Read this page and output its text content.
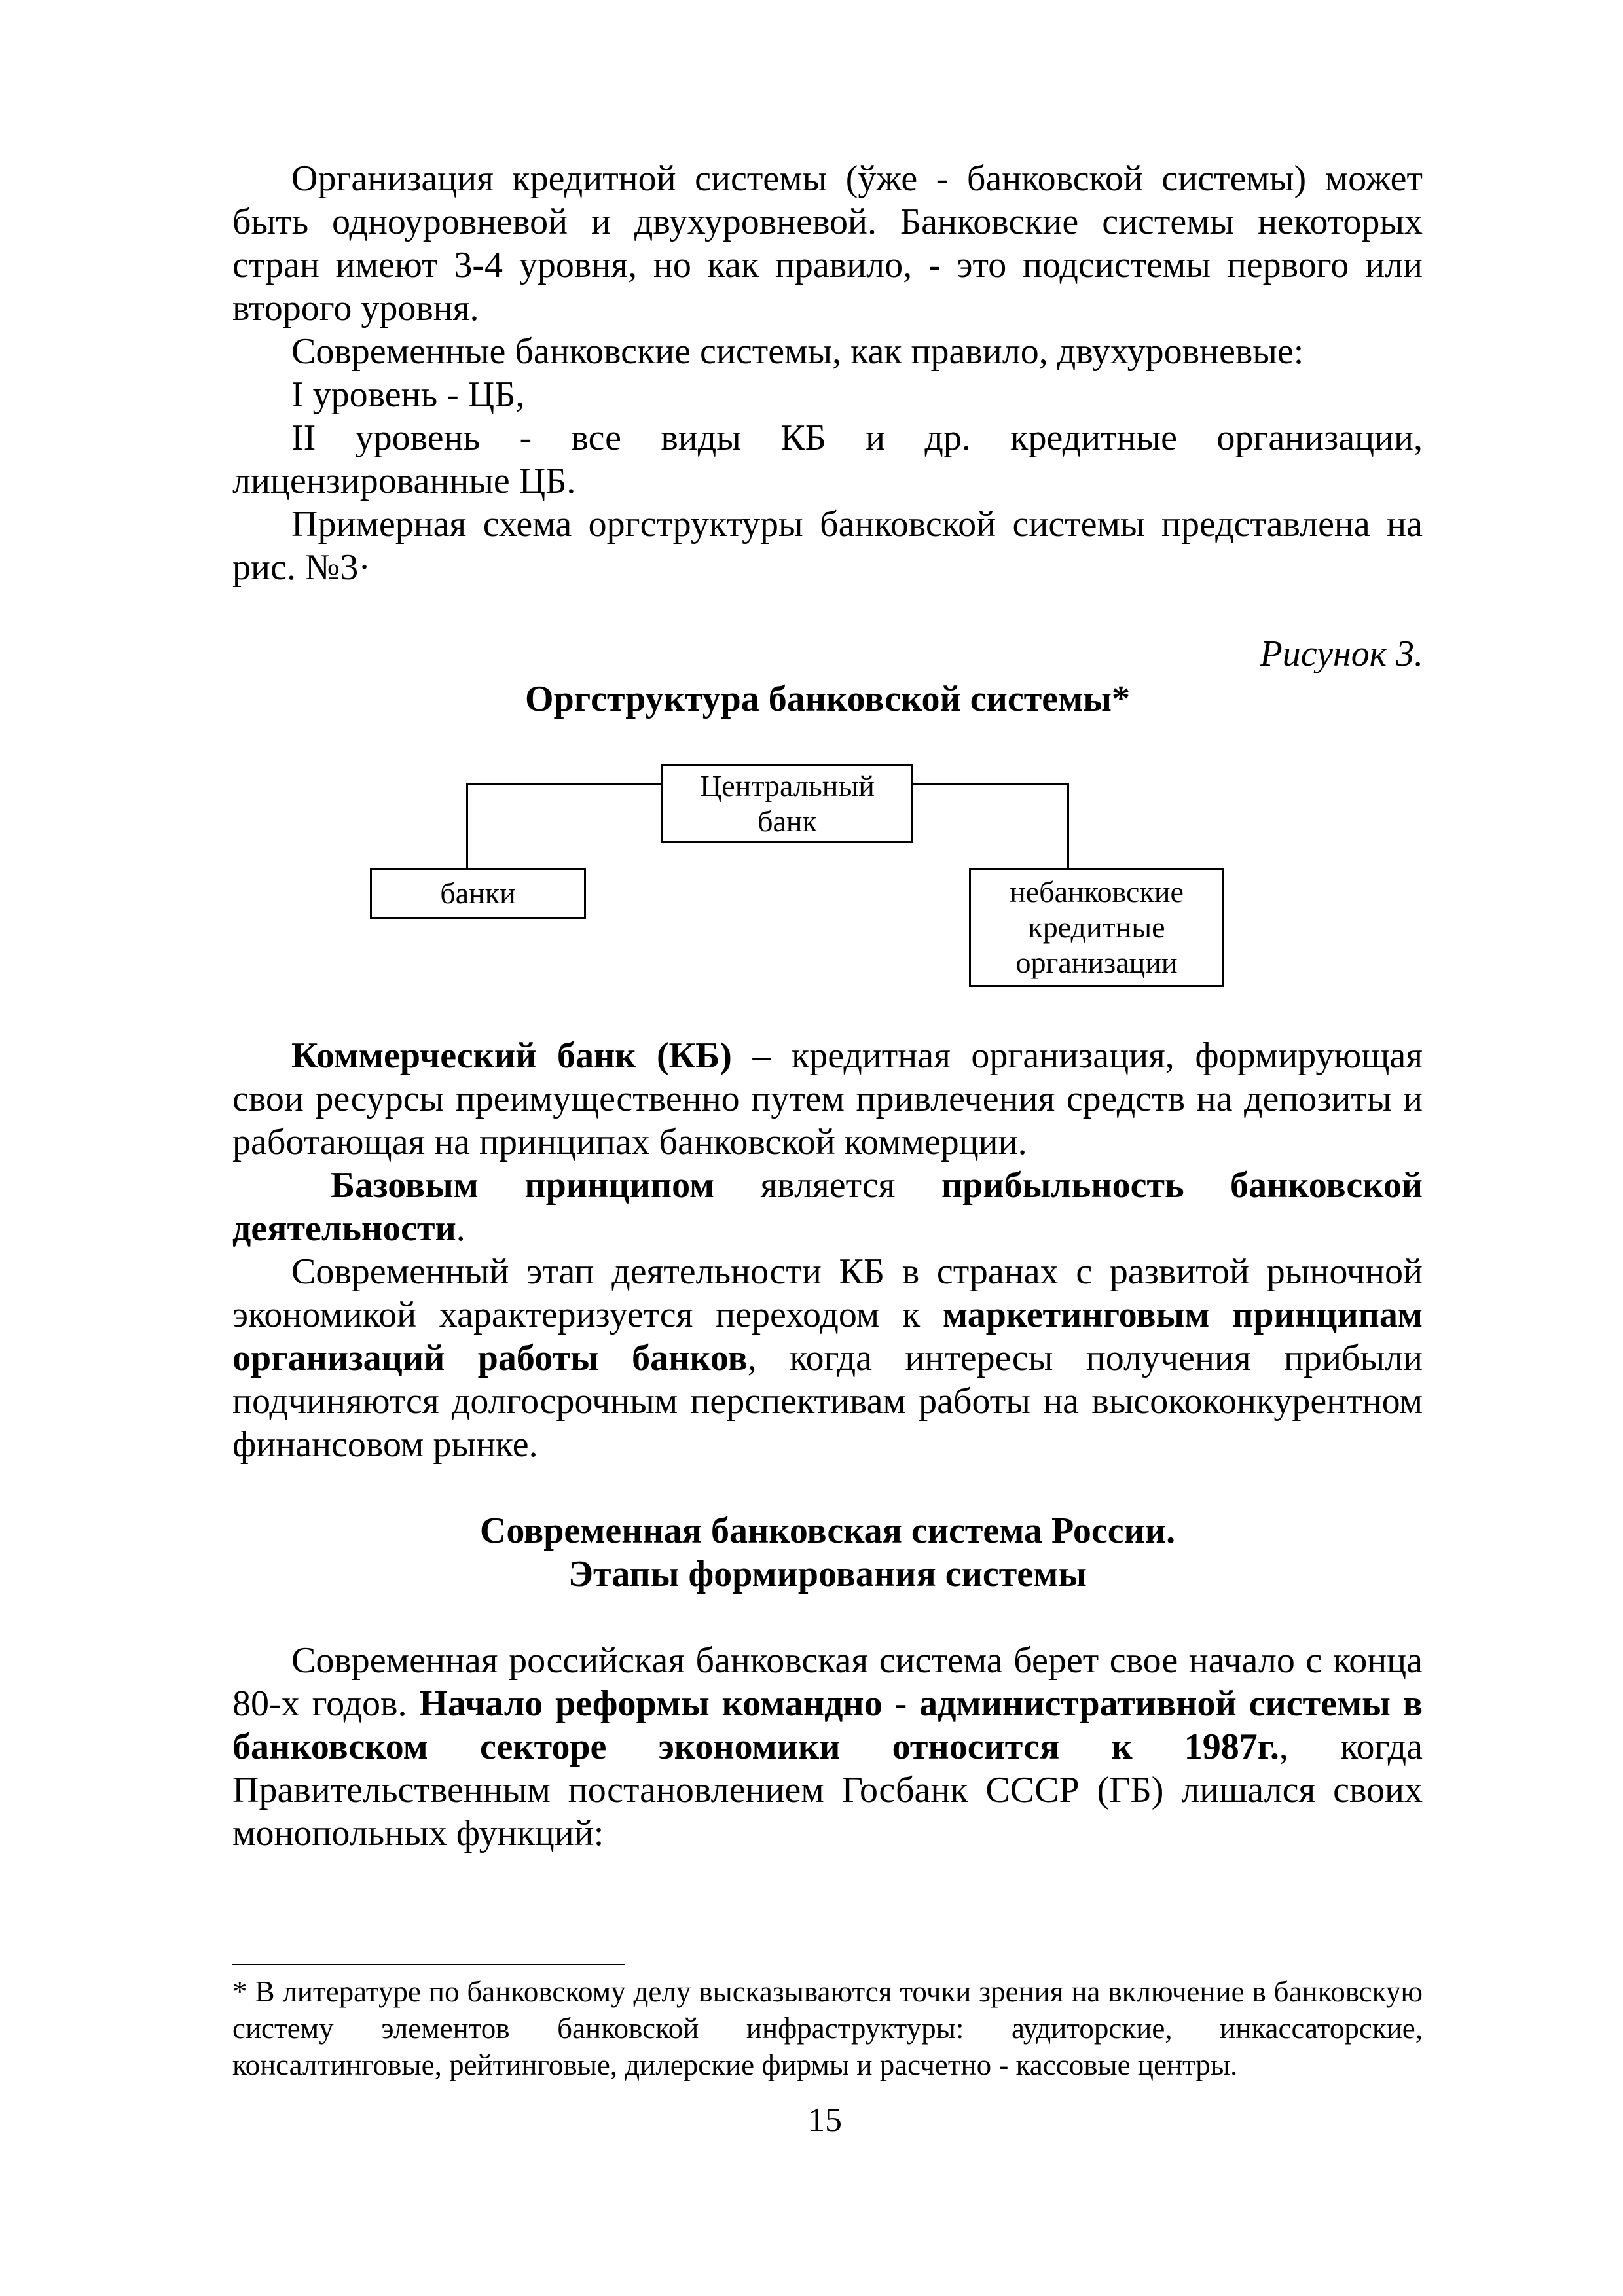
Организация кредитной системы (ўже - банковской системы) может быть одноуровневой и двухуровневой. Банковские системы некоторых стран имеют 3-4 уровня, но как правило, - это подсистемы первого или второго уровня.
Современные банковские системы, как правило, двухуровневые:
I уровень - ЦБ,
II уровень - все виды КБ и др. кредитные организации,
лицензированные ЦБ.
Примерная схема оргструктуры банковской системы представлена на рис. №3·
Рисунок 3.
Оргструктура банковской системы*
Центральный
банк
банки	небанковские
кредитные
организации
Коммерческий банк (КБ) – кредитная организация, формирующая свои ресурсы преимущественно путем привлечения средств на депозиты и работающая на принципах банковской коммерции.
Базовым принципом является прибыльность банковской деятельности.
Современный этап деятельности КБ в странах с развитой рыночной экономикой характеризуется переходом к маркетинговым принципам организаций работы банков, когда интересы получения прибыли подчиняются долгосрочным перспективам работы на высококонкурентном финансовом рынке.
Современная банковская система России.
Этапы формирования системы
Современная российская банковская система берет свое начало с конца 80-х годов. Начало реформы командно - административной системы в банковском секторе экономики относится к 1987г., когда Правительственным постановлением Госбанк СССР (ГБ) лишался своих монопольных функций:
* В литературе по банковскому делу высказываются точки зрения на включение в банковскую систему элементов банковской инфраструктуры: аудиторские, инкассаторские, консалтинговые, рейтинговые, дилерские фирмы и расчетно - кассовые центры.
15
